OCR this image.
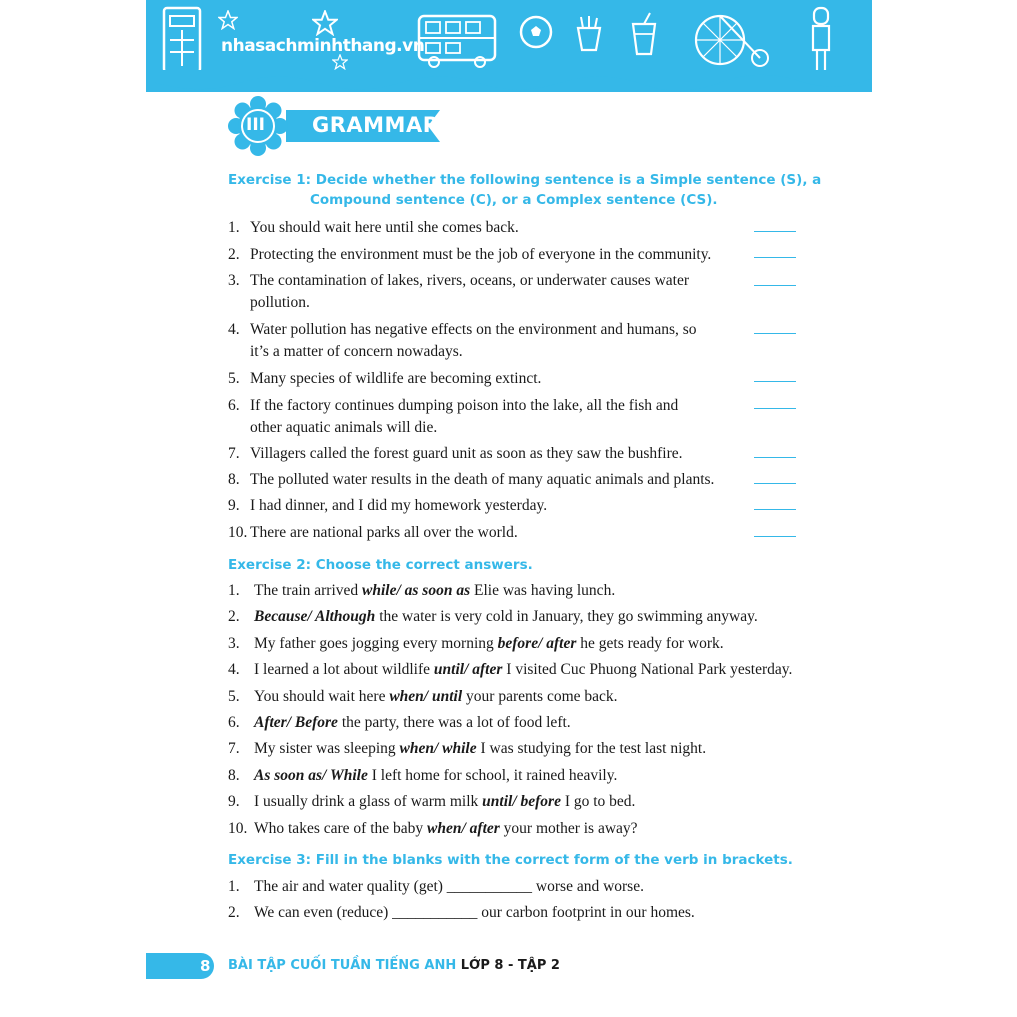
nhasachminhthang.vn
III GRAMMAR
Exercise 1: Decide whether the following sentence is a Simple sentence (S), a
Compound sentence (C), or a Complex sentence (CS).
1. You should wait here until she comes back.
2. Protecting the environment must be the job of everyone in the community.
3. The contamination of lakes, rivers, oceans, or underwater causes water
pollution.
4. Water pollution has negative effects on the environment and humans, so
it’s a matter of concern nowadays.
5. Many species of wildlife are becoming extinct.
6. If the factory continues dumping poison into the lake, all the fish and
other aquatic animals will die.
7. Villagers called the forest guard unit as soon as they saw the bushfire.
8. The polluted water results in the death of many aquatic animals and plants.
9. I had dinner, and I did my homework yesterday.
10. There are national parks all over the world.
Exercise 2: Choose the correct answers.
1. The train arrived while/ as soon as Elie was having lunch.
2. Because/ Although the water is very cold in January, they go swimming anyway.
3. My father goes jogging every morning before/ after he gets ready for work.
4. I learned a lot about wildlife until/ after I visited Cuc Phuong National Park yesterday.
5. You should wait here when/ until your parents come back.
6. After/ Before the party, there was a lot of food left.
7. My sister was sleeping when/ while I was studying for the test last night.
8. As soon as/ While I left home for school, it rained heavily.
9. I usually drink a glass of warm milk until/ before I go to bed.
10. Who takes care of the baby when/ after your mother is away?
Exercise 3: Fill in the blanks with the correct form of the verb in brackets.
1. The air and water quality (get) ___________ worse and worse.
2. We can even (reduce) ___________ our carbon footprint in our homes.
8 BÀI TẬP CUỐI TUẦN TIẾNG ANH LỚP 8 - TẬP 2
